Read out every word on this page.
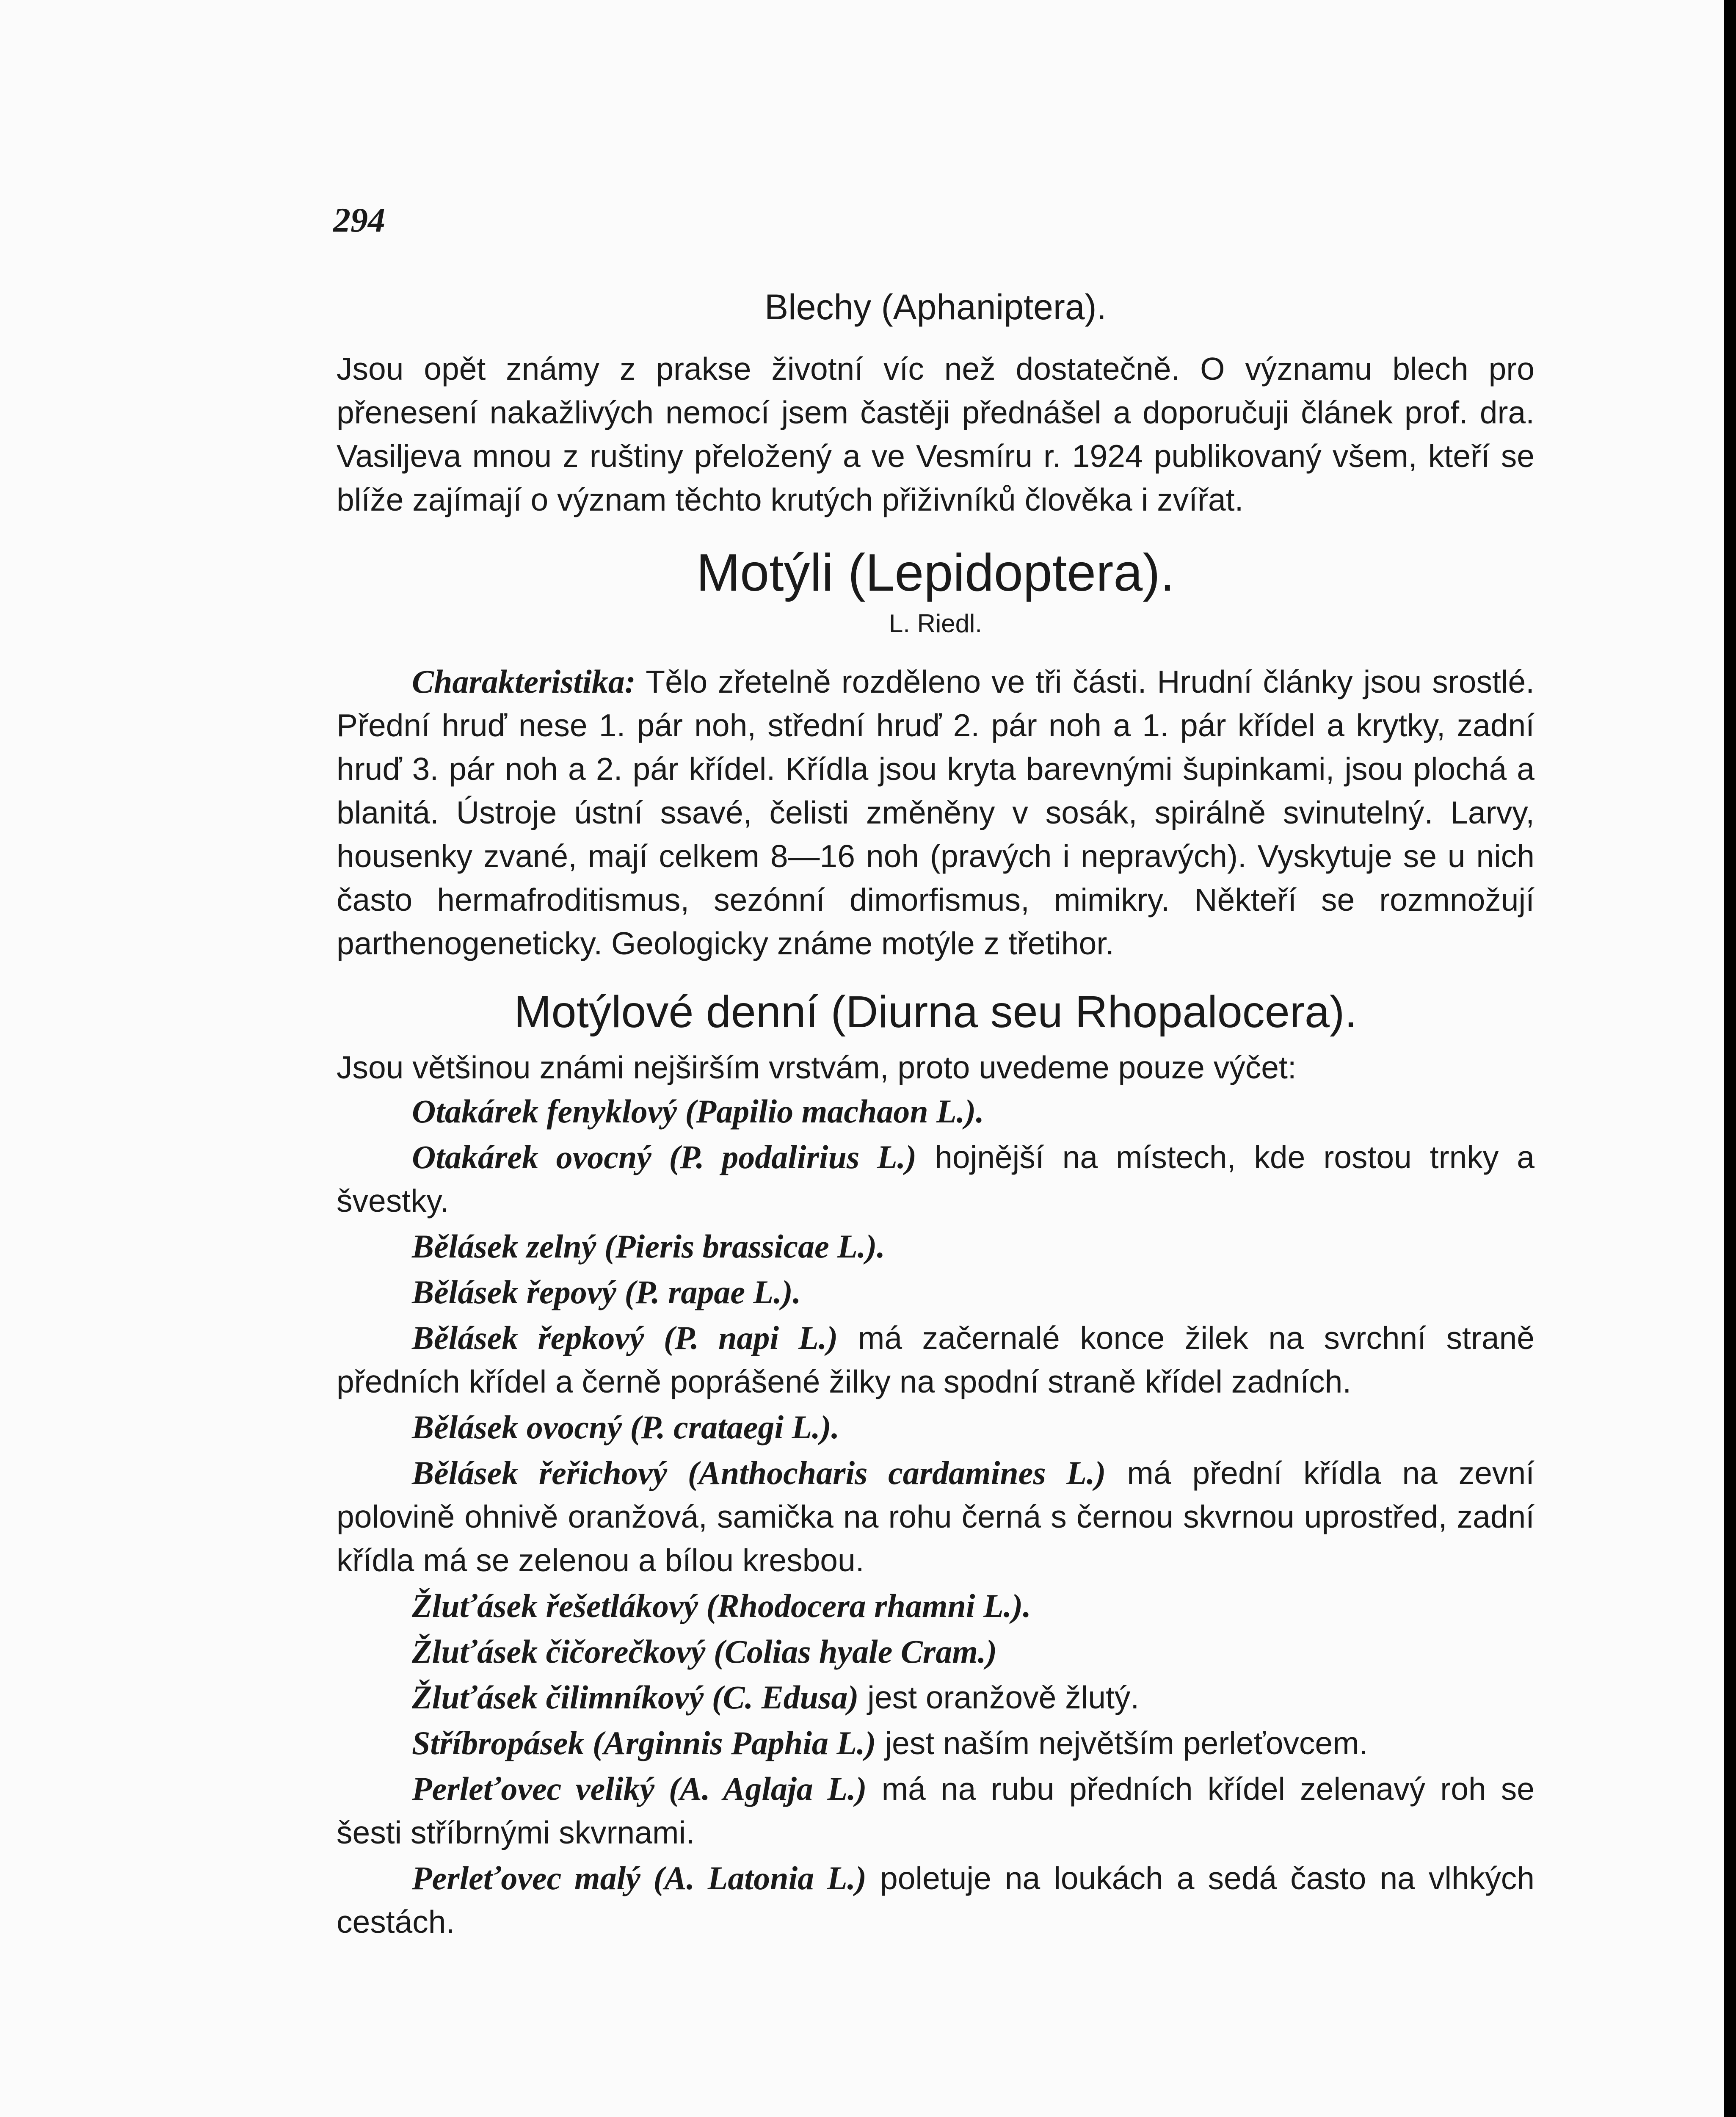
294
Blechy (Aphaniptera).

Jsou opět známy z prakse životní víc než dostatečně. O významu blech pro přenesení nakažlivých nemocí jsem častěji přednášel a doporučuji článek prof. dra. Vasiljeva mnou z ruštiny přeložený a ve Vesmíru r. 1924 publikovaný všem, kteří se blíže zajímají o význam těchto krutých přiživníků člověka i zvířat.

Motýli (Lepidoptera).
L. Riedl.

Charakteristika: Tělo zřetelně rozděleno ve tři části. Hrudní články jsou srostlé. Přední hruď nese 1. pár noh, střední hruď 2. pár noh a 1. pár křídel a krytky, zadní hruď 3. pár noh a 2. pár křídel. Křídla jsou kryta barevnými šupinkami, jsou plochá a blanitá. Ústroje ústní ssavé, čelisti změněny v sosák, spirálně svinutelný. Larvy, housenky zvané, mají celkem 8—16 noh (pravých i nepravých). Vyskytuje se u nich často hermafroditismus, sezónní dimorfismus, mimikry. Někteří se rozmnožují parthenogeneticky. Geologicky známe motýle z třetihor.

Motýlové denní (Diurna seu Rhopalocera).

Jsou většinou známi nejširším vrstvám, proto uvedeme pouze výčet:

Otakárek fenyklový (Papilio machaon L.).

Otakárek ovocný (P. podalirius L.) hojnější na místech, kde rostou trnky a švestky.

Bělásek zelný (Pieris brassicae L.).
Bělásek řepový (P. rapae L.).

Bělásek řepkový (P. napi L.) má začernalé konce žilek na svrchní straně předních křídel a černě poprášené žilky na spodní straně křídel zadních.

Bělásek ovocný (P. crataegi L.).

Bělásek řeřichový (Anthocharis cardamines L.) má přední křídla na zevní polovině ohnivě oranžová, samička na rohu černá s černou skvrnou uprostřed, zadní křídla má se zelenou a bílou kresbou.

Žluťásek řešetlákový (Rhodocera rhamni L.).
Žluťásek čičorečkový (Colias hyale Cram.)
Žluťásek čilimníkový (C. Edusa) jest oranžově žlutý.
Stříbropásek (Arginnis Paphia L.) jest naším největším perleťovcem.

Perleťovec veliký (A. Aglaja L.) má na rubu předních křídel zelenavý roh se šesti stříbrnými skvrnami.

Perleťovec malý (A. Latonia L.) poletuje na loukách a sedá často na vlhkých cestách.
